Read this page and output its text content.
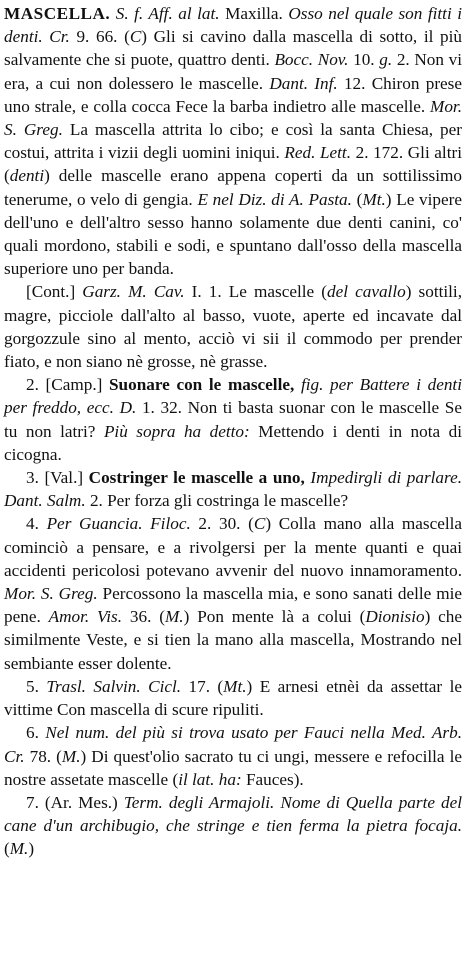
MASCELLA. S. f. Aff. al lat. Maxilla. Osso nel quale son fitti i denti. Cr. 9. 66. (C) Gli si cavino dalla mascella di sotto, il più salvamente che si puote, quattro denti. Bocc. Nov. 10. g. 2. Non vi era, a cui non dolessero le mascelle. Dant. Inf. 12. Chiron prese uno strale, e colla cocca Fece la barba indietro alle mascelle. Mor. S. Greg. La mascella attrita lo cibo; e così la santa Chiesa, per costui, attrita i vizii degli uomini iniqui. Red. Lett. 2. 172. Gli altri (denti) delle mascelle erano appena coperti da un sottilissimo tenerume, o velo di gengia. E nel Diz. di A. Pasta. (Mt.) Le vipere dell'uno e dell'altro sesso hanno solamente due denti canini, co' quali mordono, stabili e sodi, e spuntano dall'osso della mascella superiore uno per banda.

[Cont.] Garz. M. Cav. I. 1. Le mascelle (del cavallo) sottili, magre, picciole dall'alto al basso, vuote, aperte ed incavate dal gorgozzule sino al mento, acciò vi sii il commodo per prender fiato, e non siano nè grosse, nè grasse.

2. [Camp.] Suonare con le mascelle, fig. per Battere i denti per freddo, ecc. D. 1. 32. Non ti basta suonar con le mascelle Se tu non latri? Più sopra ha detto: Mettendo i denti in nota di cicogna.

3. [Val.] Costringer le mascelle a uno, Impedirgli di parlare. Dant. Salm. 2. Per forza gli costringa le mascelle?

4. Per Guancia. Filoc. 2. 30. (C) Colla mano alla mascella cominciò a pensare, e a rivolgersi per la mente quanti e quai accidenti pericolosi potevano avvenir del nuovo innamoramento. Mor. S. Greg. Percossono la mascella mia, e sono sanati delle mie pene. Amor. Vis. 36. (M.) Pon mente là a colui (Dionisio) che similmente Veste, e si tien la mano alla mascella, Mostrando nel sembiante esser dolente.

5. Trasl. Salvin. Cicl. 17. (Mt.) E arnesi etnèi da assettar le vittime Con mascella di scure ripuliti.

6. Nel num. del più si trova usato per Fauci nella Med. Arb. Cr. 78. (M.) Di quest'olio sacrato tu ci ungi, messere e refocilla le nostre assetate mascelle (il lat. ha: Fauces).

7. (Ar. Mes.) Term. degli Armajoli. Nome di Quella parte del cane d'un archibugio, che stringe e tien ferma la pietra focaja. (M.)
